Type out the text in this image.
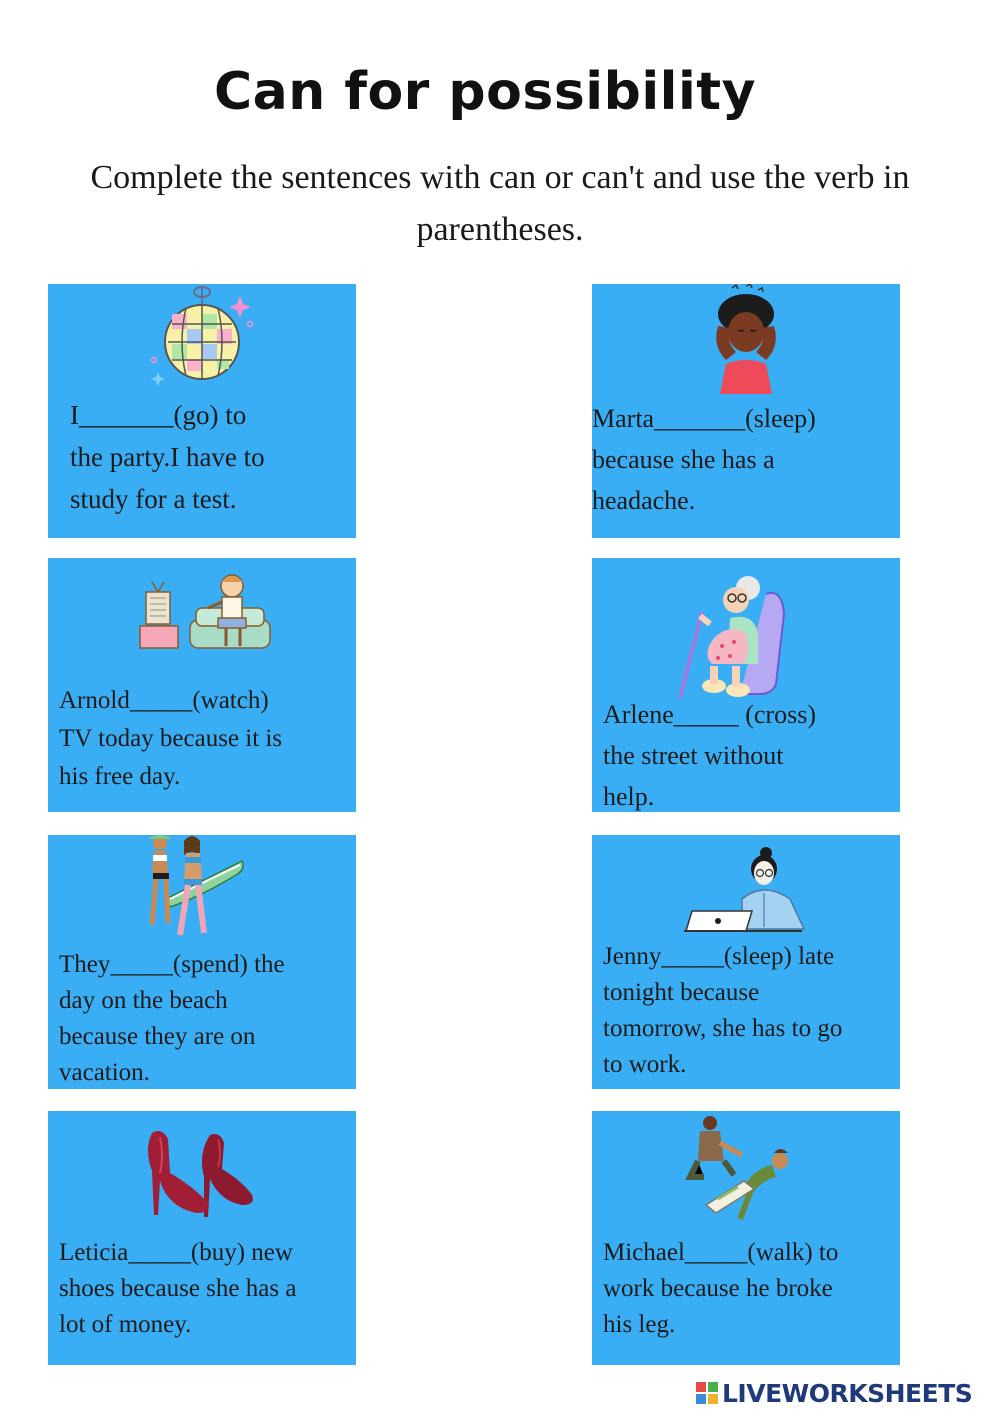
Can for possibility
Complete the sentences with can or can't and use the verb in parentheses.
I_______(go) to
the party.I have to
study for a test.
Marta_______(sleep)
because she has a
headache.
Arnold_____(watch)
TV today because it is
his free day.
Arlene_____ (cross)
the street without
help.
They_____(spend) the
day on the beach
because they are on
vacation.
Jenny_____(sleep) late
tonight because
tomorrow, she has to go
to work.
Leticia_____(buy) new
shoes because she has a
lot of money.
Michael_____(walk) to
work because he broke
his leg.
LIVEWORKSHEETS
